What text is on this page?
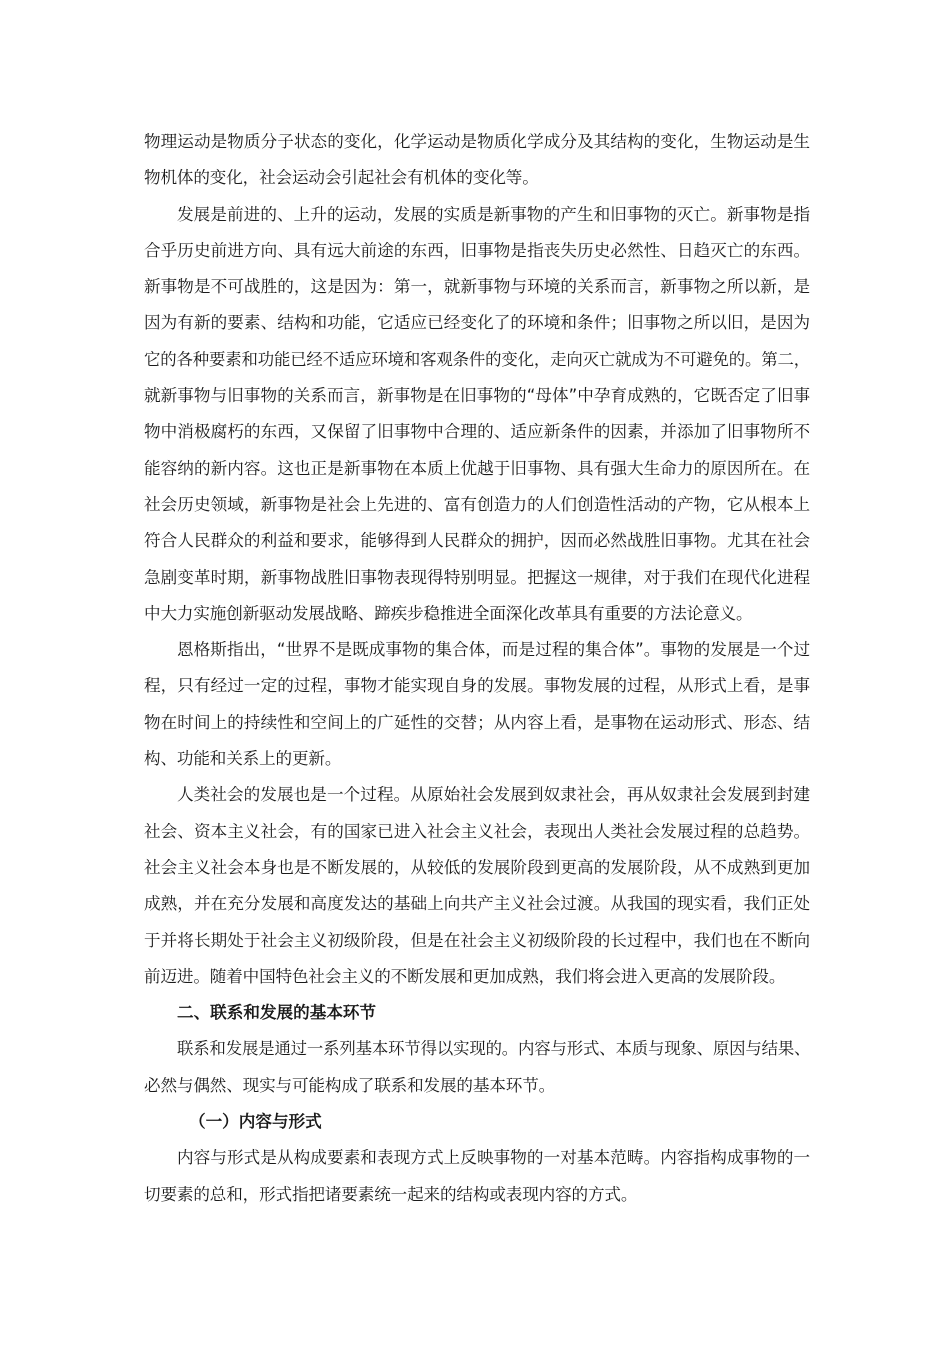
物理运动是物质分子状态的变化，化学运动是物质化学成分及其结构的变化，生物运动是生
物机体的变化，社会运动会引起社会有机体的变化等。
发展是前进的、上升的运动，发展的实质是新事物的产生和旧事物的灭亡。新事物是指
合乎历史前进方向、具有远大前途的东西，旧事物是指丧失历史必然性、日趋灭亡的东西。
新事物是不可战胜的，这是因为：第一，就新事物与环境的关系而言，新事物之所以新，是
因为有新的要素、结构和功能，它适应已经变化了的环境和条件；旧事物之所以旧，是因为
它的各种要素和功能已经不适应环境和客观条件的变化，走向灭亡就成为不可避免的。第二，
就新事物与旧事物的关系而言，新事物是在旧事物的“母体”中孕育成熟的，它既否定了旧事
物中消极腐朽的东西，又保留了旧事物中合理的、适应新条件的因素，并添加了旧事物所不
能容纳的新内容。这也正是新事物在本质上优越于旧事物、具有强大生命力的原因所在。在
社会历史领域，新事物是社会上先进的、富有创造力的人们创造性活动的产物，它从根本上
符合人民群众的利益和要求，能够得到人民群众的拥护，因而必然战胜旧事物。尤其在社会
急剧变革时期，新事物战胜旧事物表现得特别明显。把握这一规律，对于我们在现代化进程
中大力实施创新驱动发展战略、蹄疾步稳推进全面深化改革具有重要的方法论意义。
恩格斯指出，“世界不是既成事物的集合体，而是过程的集合体”。事物的发展是一个过
程，只有经过一定的过程，事物才能实现自身的发展。事物发展的过程，从形式上看，是事
物在时间上的持续性和空间上的广延性的交替；从内容上看，是事物在运动形式、形态、结
构、功能和关系上的更新。
人类社会的发展也是一个过程。从原始社会发展到奴隶社会，再从奴隶社会发展到封建
社会、资本主义社会，有的国家已进入社会主义社会，表现出人类社会发展过程的总趋势。
社会主义社会本身也是不断发展的，从较低的发展阶段到更高的发展阶段，从不成熟到更加
成熟，并在充分发展和高度发达的基础上向共产主义社会过渡。从我国的现实看，我们正处
于并将长期处于社会主义初级阶段，但是在社会主义初级阶段的长过程中，我们也在不断向
前迈进。随着中国特色社会主义的不断发展和更加成熟，我们将会进入更高的发展阶段。
二、联系和发展的基本环节
联系和发展是通过一系列基本环节得以实现的。内容与形式、本质与现象、原因与结果、
必然与偶然、现实与可能构成了联系和发展的基本环节。
（一）内容与形式
内容与形式是从构成要素和表现方式上反映事物的一对基本范畴。内容指构成事物的一
切要素的总和，形式指把诸要素统一起来的结构或表现内容的方式。
